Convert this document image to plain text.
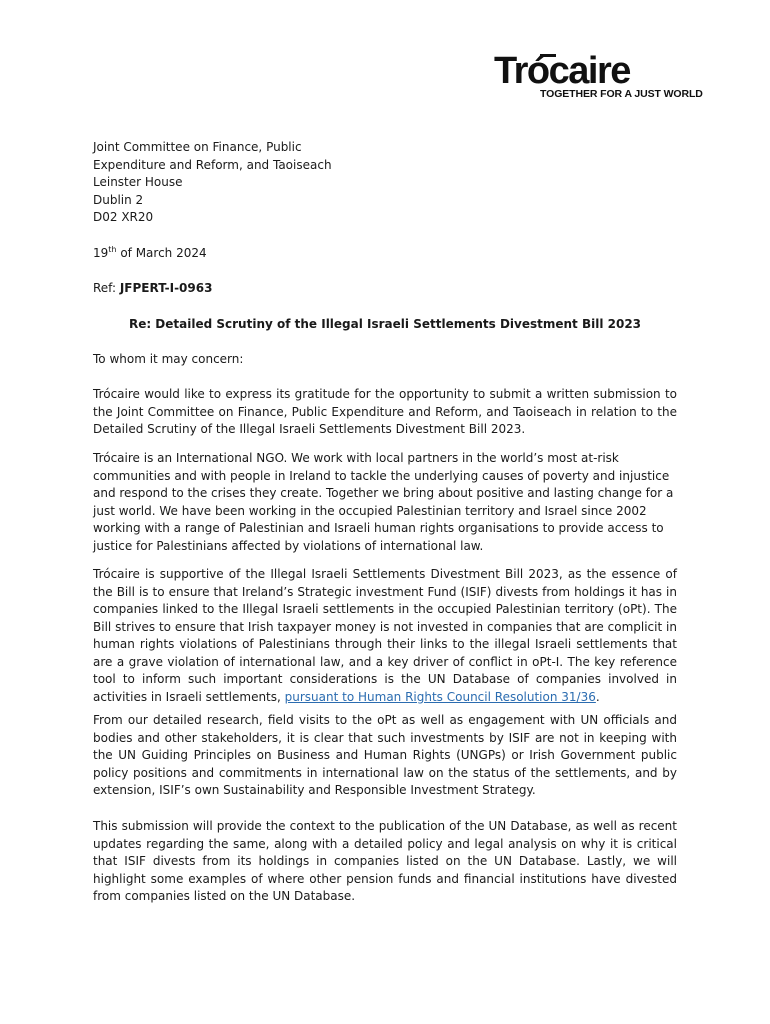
Trócaire
TOGETHER FOR A JUST WORLD
Joint Committee on Finance, Public
Expenditure and Reform, and Taoiseach
Leinster House
Dublin 2
D02 XR20

19th of March 2024

Ref: JFPERT-I-0963

Re: Detailed Scrutiny of the Illegal Israeli Settlements Divestment Bill 2023

To whom it may concern:

Trócaire would like to express its gratitude for the opportunity to submit a written submission to the Joint Committee on Finance, Public Expenditure and Reform, and Taoiseach in relation to the Detailed Scrutiny of the Illegal Israeli Settlements Divestment Bill 2023.

Trócaire is an International NGO. We work with local partners in the world’s most at-risk communities and with people in Ireland to tackle the underlying causes of poverty and injustice and respond to the crises they create. Together we bring about positive and lasting change for a just world. We have been working in the occupied Palestinian territory and Israel since 2002 working with a range of Palestinian and Israeli human rights organisations to provide access to justice for Palestinians affected by violations of international law.

Trócaire is supportive of the Illegal Israeli Settlements Divestment Bill 2023, as the essence of the Bill is to ensure that Ireland’s Strategic investment Fund (ISIF) divests from holdings it has in companies linked to the Illegal Israeli settlements in the occupied Palestinian territory (oPt). The Bill strives to ensure that Irish taxpayer money is not invested in companies that are complicit in human rights violations of Palestinians through their links to the illegal Israeli settlements that are a grave violation of international law, and a key driver of conflict in oPt-I. The key reference tool to inform such important considerations is the UN Database of companies involved in activities in Israeli settlements, pursuant to Human Rights Council Resolution 31/36.

From our detailed research, field visits to the oPt as well as engagement with UN officials and bodies and other stakeholders, it is clear that such investments by ISIF are not in keeping with the UN Guiding Principles on Business and Human Rights (UNGPs) or Irish Government public policy positions and commitments in international law on the status of the settlements, and by extension, ISIF’s own Sustainability and Responsible Investment Strategy.

This submission will provide the context to the publication of the UN Database, as well as recent updates regarding the same, along with a detailed policy and legal analysis on why it is critical that ISIF divests from its holdings in companies listed on the UN Database. Lastly, we will highlight some examples of where other pension funds and financial institutions have divested from companies listed on the UN Database.
